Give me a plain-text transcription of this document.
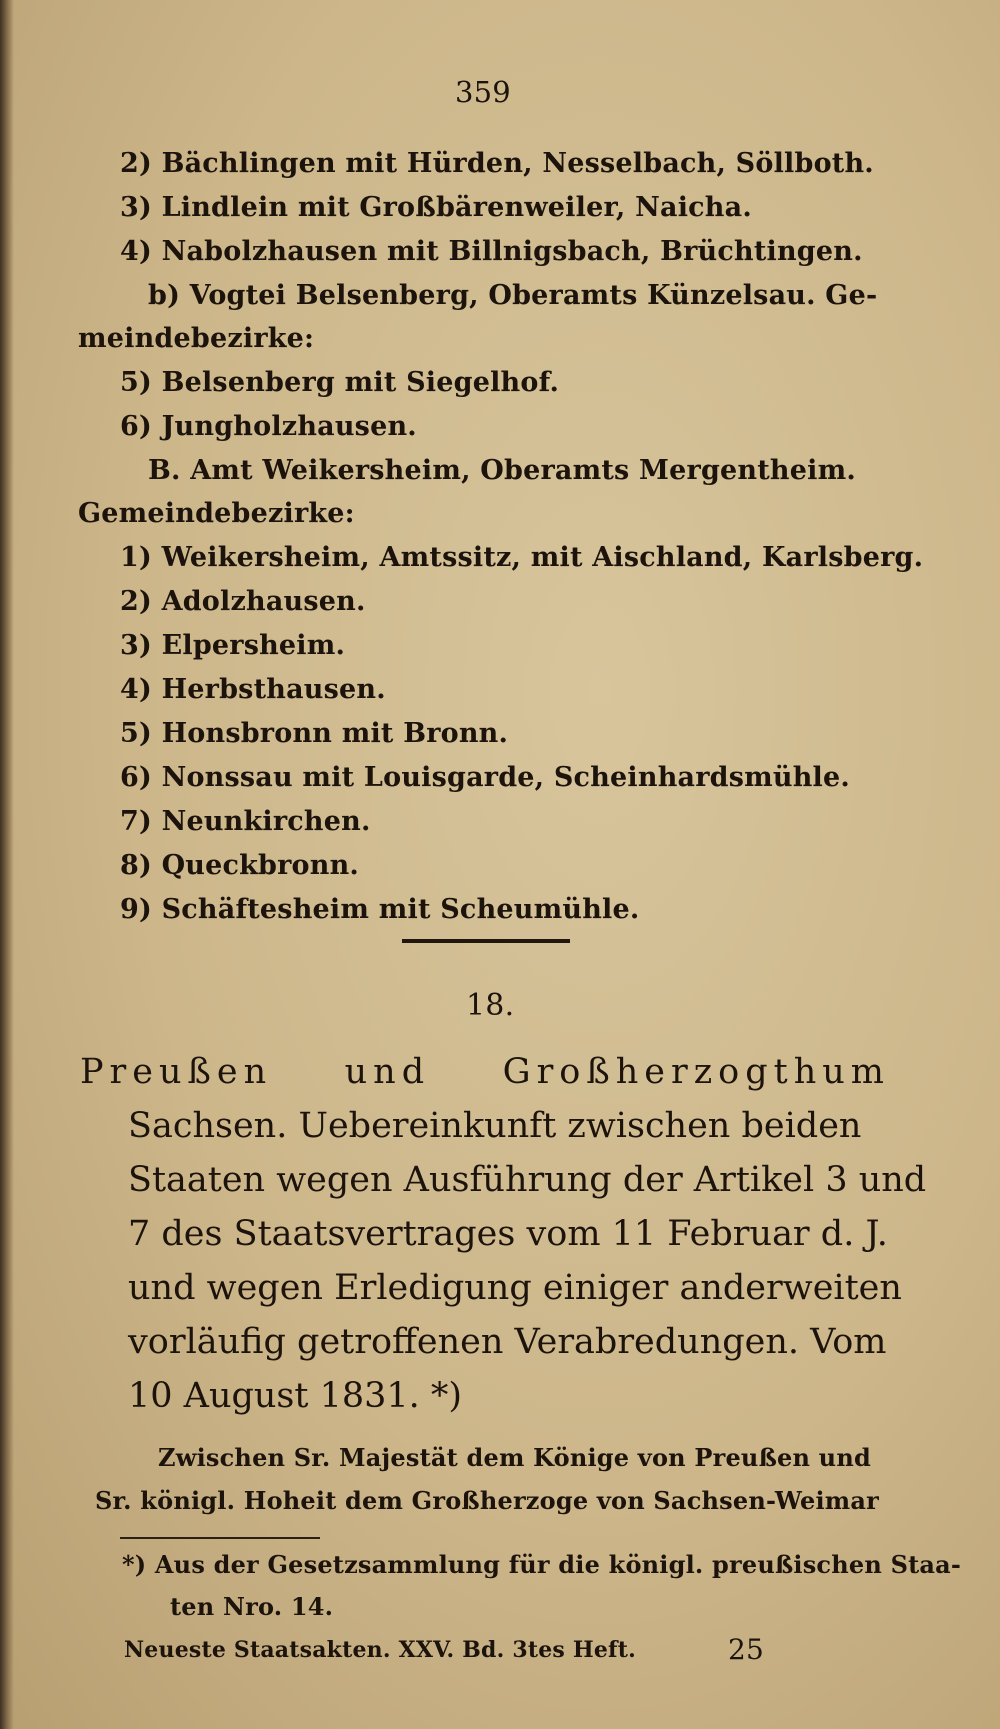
359
2) Bächlingen mit Hürden, Nesselbach, Söllboth.
3) Lindlein mit Großbärenweiler, Naicha.
4) Nabolzhausen mit Billnigsbach, Brüchtingen.
b) Vogtei Belsenberg, Oberamts Künzelsau. Ge-
meindebezirke:
5) Belsenberg mit Siegelhof.
6) Jungholzhausen.
B. Amt Weikersheim, Oberamts Mergentheim.
Gemeindebezirke:
1) Weikersheim, Amtssitz, mit Aischland, Karlsberg.
2) Adolzhausen.
3) Elpersheim.
4) Herbsthausen.
5) Honsbronn mit Bronn.
6) Nonssau mit Louisgarde, Scheinhardsmühle.
7) Neunkirchen.
8) Queckbronn.
9) Schäftesheim mit Scheumühle.
18.
Preußen und Großherzogthum
Sachsen. Uebereinkunft zwischen beiden
Staaten wegen Ausführung der Artikel 3 und
7 des Staatsvertrages vom 11 Februar d. J.
und wegen Erledigung einiger anderweiten
vorläufig getroffenen Verabredungen. Vom
10 August 1831. *)
Zwischen Sr. Majestät dem Könige von Preußen und
Sr. königl. Hoheit dem Großherzoge von Sachsen-Weimar
*) Aus der Gesetzsammlung für die königl. preußischen Staa-
ten Nro. 14.
Neueste Staatsakten. XXV. Bd. 3tes Heft.	25
